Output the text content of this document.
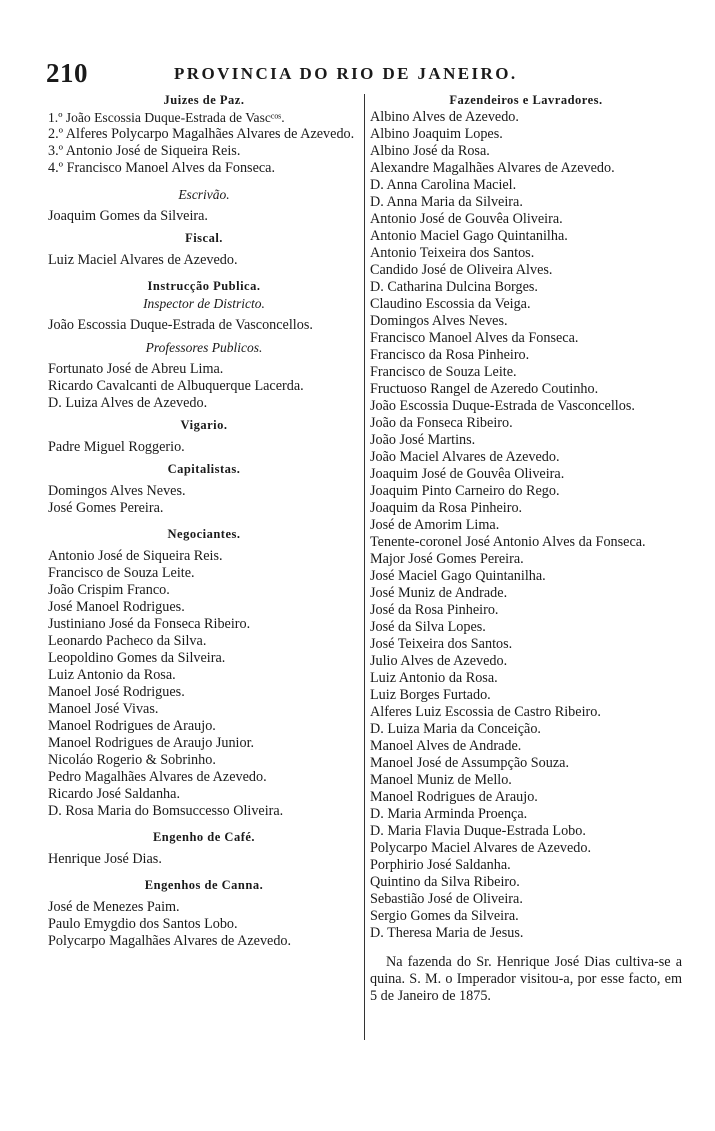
210	PROVINCIA DO RIO DE JANEIRO.
Juizes de Paz.
1.º João Escossia Duque-Estrada de Vascᶜᵒˢ.
2.º Alferes Polycarpo Magalhães Alvares de Azevedo.
3.º Antonio José de Siqueira Reis.
4.º Francisco Manoel Alves da Fonseca.
Escrivão.
Joaquim Gomes da Silveira.
Fiscal.
Luiz Maciel Alvares de Azevedo.
Instrucção Publica.
Inspector de Districto.
João Escossia Duque-Estrada de Vasconcellos.
Professores Publicos.
Fortunato José de Abreu Lima.
Ricardo Cavalcanti de Albuquerque Lacerda.
D. Luiza Alves de Azevedo.
Vigario.
Padre Miguel Roggerio.
Capitalistas.
Domingos Alves Neves.
José Gomes Pereira.
Negociantes.
Antonio José de Siqueira Reis.
Francisco de Souza Leite.
João Crispim Franco.
José Manoel Rodrigues.
Justiniano José da Fonseca Ribeiro.
Leonardo Pacheco da Silva.
Leopoldino Gomes da Silveira.
Luiz Antonio da Rosa.
Manoel José Rodrigues.
Manoel José Vivas.
Manoel Rodrigues de Araujo.
Manoel Rodrigues de Araujo Junior.
Nicoláo Rogerio & Sobrinho.
Pedro Magalhães Alvares de Azevedo.
Ricardo José Saldanha.
D. Rosa Maria do Bomsuccesso Oliveira.
Engenho de Café.
Henrique José Dias.
Engenhos de Canna.
José de Menezes Paim.
Paulo Emygdio dos Santos Lobo.
Polycarpo Magalhães Alvares de Azevedo.
Fazendeiros e Lavradores.
Albino Alves de Azevedo.
Albino Joaquim Lopes.
Albino José da Rosa.
Alexandre Magalhães Alvares de Azevedo.
D. Anna Carolina Maciel.
D. Anna Maria da Silveira.
Antonio José de Gouvêa Oliveira.
Antonio Maciel Gago Quintanilha.
Antonio Teixeira dos Santos.
Candido José de Oliveira Alves.
D. Catharina Dulcina Borges.
Claudino Escossia da Veiga.
Domingos Alves Neves.
Francisco Manoel Alves da Fonseca.
Francisco da Rosa Pinheiro.
Francisco de Souza Leite.
Fructuoso Rangel de Azeredo Coutinho.
João Escossia Duque-Estrada de Vasconcellos.
João da Fonseca Ribeiro.
João José Martins.
João Maciel Alvares de Azevedo.
Joaquim José de Gouvêa Oliveira.
Joaquim Pinto Carneiro do Rego.
Joaquim da Rosa Pinheiro.
José de Amorim Lima.
Tenente-coronel José Antonio Alves da Fonseca.
Major José Gomes Pereira.
José Maciel Gago Quintanilha.
José Muniz de Andrade.
José da Rosa Pinheiro.
José da Silva Lopes.
José Teixeira dos Santos.
Julio Alves de Azevedo.
Luiz Antonio da Rosa.
Luiz Borges Furtado.
Alferes Luiz Escossia de Castro Ribeiro.
D. Luiza Maria da Conceição.
Manoel Alves de Andrade.
Manoel José de Assumpção Souza.
Manoel Muniz de Mello.
Manoel Rodrigues de Araujo.
D. Maria Arminda Proença.
D. Maria Flavia Duque-Estrada Lobo.
Polycarpo Maciel Alvares de Azevedo.
Porphirio José Saldanha.
Quintino da Silva Ribeiro.
Sebastião José de Oliveira.
Sergio Gomes da Silveira.
D. Theresa Maria de Jesus.
Na fazenda do Sr. Henrique José Dias cultiva-se a quina. S. M. o Imperador visitou-a, por esse facto, em 5 de Janeiro de 1875.
